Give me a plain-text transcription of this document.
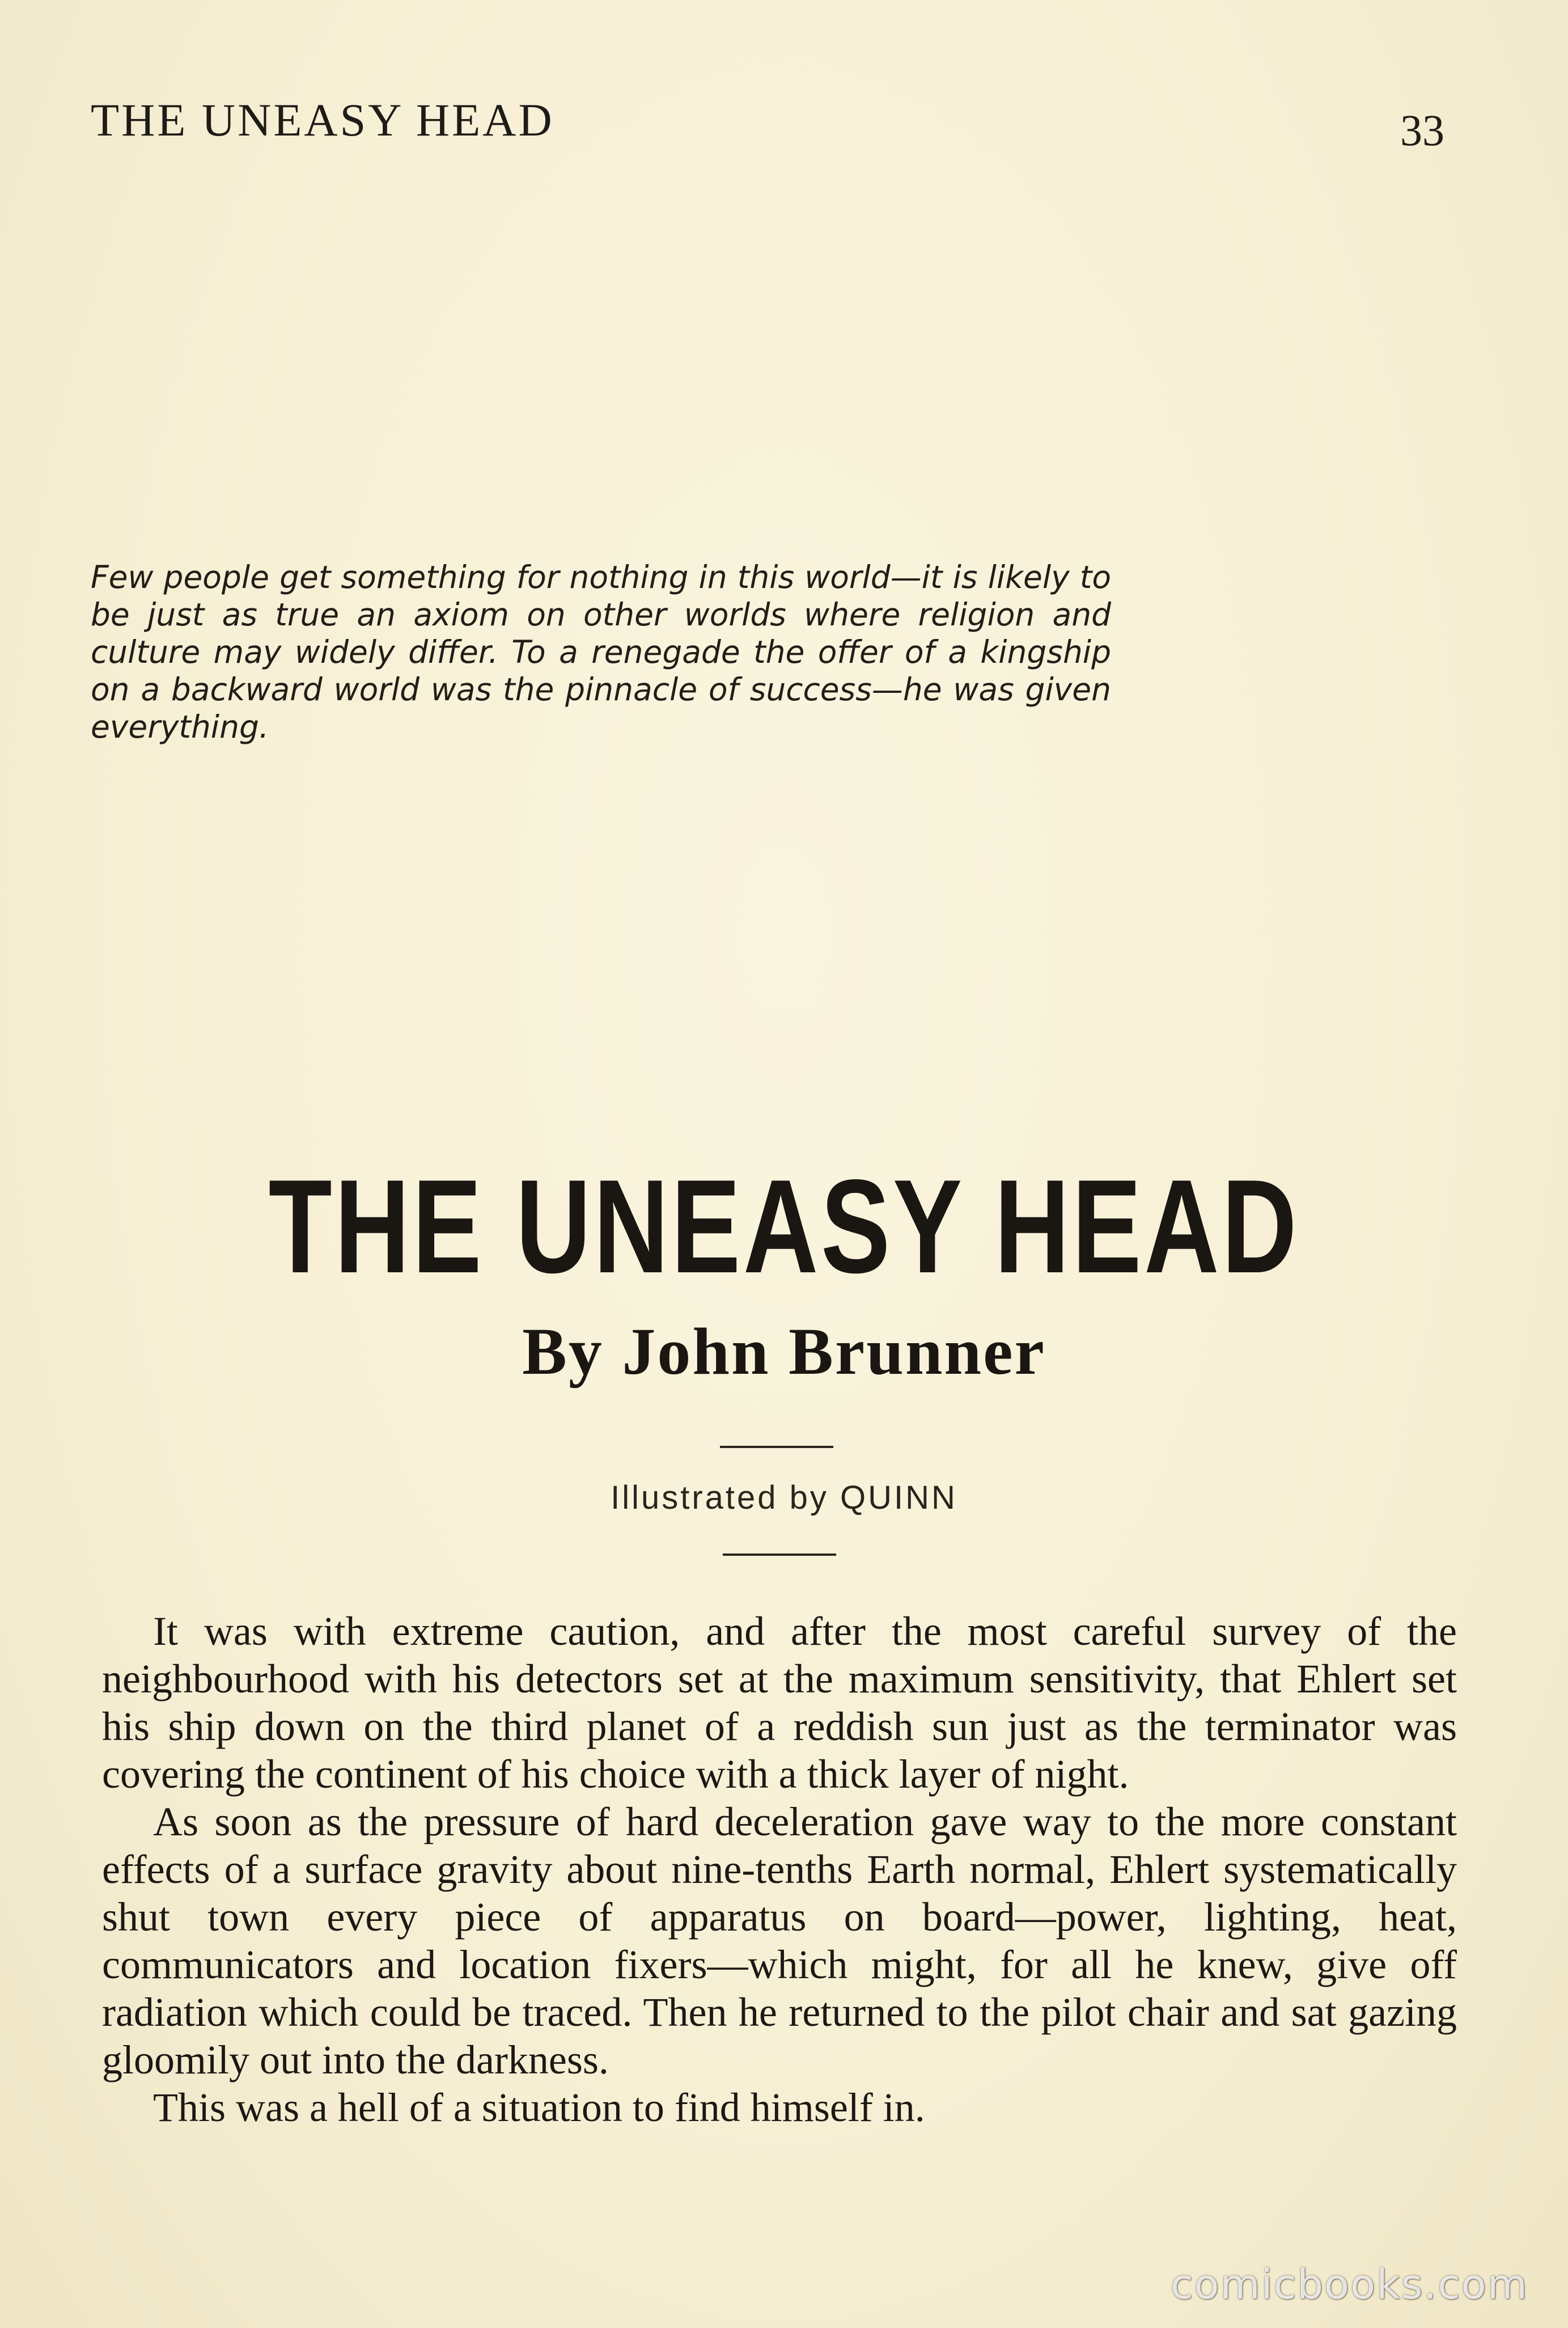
THE UNEASY HEAD	33
Few people get something for nothing in this world—it is likely to be just as true an axiom on other worlds where religion and culture may widely differ. To a renegade the offer of a kingship on a backward world was the pinnacle of success—he was given everything.
THE UNEASY HEAD
By John Brunner
Illustrated by QUINN

It was with extreme caution, and after the most careful survey of the neighbourhood with his detectors set at the maximum sensitivity, that Ehlert set his ship down on the third planet of a reddish sun just as the terminator was covering the continent of his choice with a thick layer of night.

As soon as the pressure of hard deceleration gave way to the more constant effects of a surface gravity about nine-tenths Earth normal, Ehlert systematically shut town every piece of apparatus on board—power, lighting, heat, communicators and location fixers—which might, for all he knew, give off radiation which could be traced. Then he returned to the pilot chair and sat gazing gloomily out into the darkness.

This was a hell of a situation to find himself in.

comicbooks.com
